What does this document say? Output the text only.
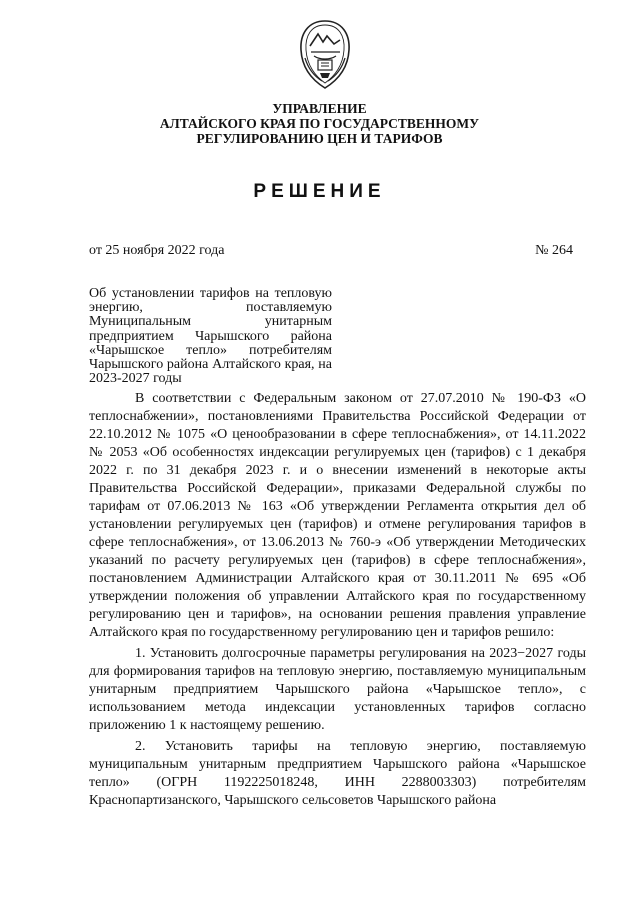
УПРАВЛЕНИЕ
АЛТАЙСКОГО КРАЯ ПО ГОСУДАРСТВЕННОМУ
РЕГУЛИРОВАНИЮ ЦЕН И ТАРИФОВ
РЕШЕНИЕ
от 25 ноября 2022 года	№ 264
Об установлении тарифов на тепловую энергию, поставляемую Муниципальным унитарным предприятием Чарышского района «Чарышское тепло» потребителям Чарышского района Алтайского края, на 2023-2027 годы

В соответствии с Федеральным законом от 27.07.2010 № 190-ФЗ «О теплоснабжении», постановлениями Правительства Российской Федерации от 22.10.2012 № 1075 «О ценообразовании в сфере теплоснабжения», от 14.11.2022 № 2053 «Об особенностях индексации регулируемых цен (тарифов) с 1 декабря 2022 г. по 31 декабря 2023 г. и о внесении изменений в некоторые акты Правительства Российской Федерации», приказами Федеральной службы по тарифам от 07.06.2013 № 163 «Об утверждении Регламента открытия дел об установлении регулируемых цен (тарифов) и отмене регулирования тарифов в сфере теплоснабжения», от 13.06.2013 № 760-э «Об утверждении Методических указаний по расчету регулируемых цен (тарифов) в сфере теплоснабжения», постановлением Администрации Алтайского края от 30.11.2011 № 695 «Об утверждении положения об управлении Алтайского края по государственному регулированию цен и тарифов», на основании решения правления управление Алтайского края по государственному регулированию цен и тарифов решило:

1. Установить долгосрочные параметры регулирования на 2023−2027 годы для формирования тарифов на тепловую энергию, поставляемую муниципальным унитарным предприятием Чарышского района «Чарышское тепло», с использованием метода индексации установленных тарифов согласно приложению 1 к настоящему решению.

2. Установить тарифы на тепловую энергию, поставляемую муниципальным унитарным предприятием Чарышского района «Чарышское тепло» (ОГРН 1192225018248, ИНН 2288003303) потребителям Краснопартизанского, Чарышского сельсоветов Чарышского района
